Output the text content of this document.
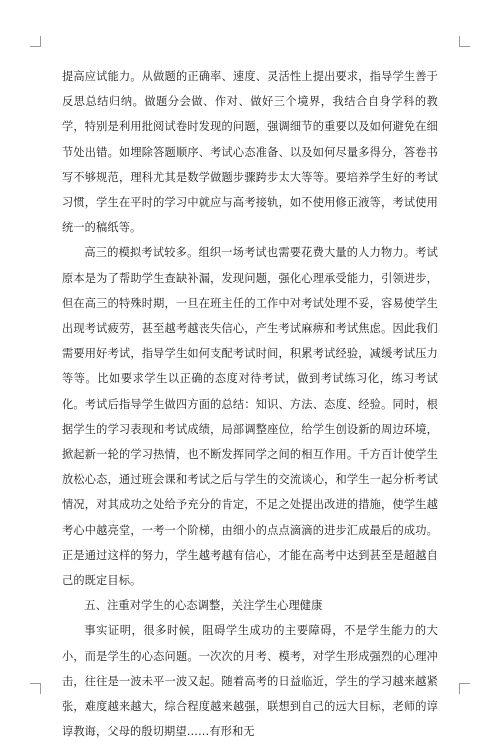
提高应试能力。从做题的正确率、速度、灵活性上提出要求，指导学生善于反思总结归纳。做题分会做、作对、做好三个境界，我结合自身学科的教学，特别是利用批阅试卷时发现的问题，强调细节的重要以及如何避免在细节处出错。如埋除答题顺序、考试心态准备、以及如何尽量多得分，答卷书写不够规范，理科尤其是数学做题步骤跨步太大等等。要培养学生好的考试习惯，学生在平时的学习中就应与高考接轨，如不使用修正液等，考试使用统一的稿纸等。

高三的模拟考试较多。组织一场考试也需要花费大量的人力物力。考试原本是为了帮助学生查缺补漏，发现问题，强化心理承受能力，引领进步，但在高三的特殊时期，一旦在班主任的工作中对考试处理不妥，容易使学生出现考试疲劳，甚至越考越丧失信心，产生考试麻痹和考试焦虑。因此我们需要用好考试，指导学生如何支配考试时间，积累考试经验，减缓考试压力等等。比如要求学生以正确的态度对待考试，做到考试练习化，练习考试化。考试后指导学生做四方面的总结：知识、方法、态度、经验。同时，根据学生的学习表现和考试成绩，局部调整座位，给学生创设新的周边环境，掀起新一轮的学习热情，也不断发挥同学之间的相互作用。千方百计使学生放松心态，通过班会课和考试之后与学生的交流谈心，和学生一起分析考试情况，对其成功之处给予充分的肯定，不足之处提出改进的措施，使学生越考心中越亮堂，一考一个阶梯，由细小的点点滴滴的进步汇成最后的成功。正是通过这样的努力，学生越考越有信心，才能在高考中达到甚至是超越自己的既定目标。

五、注重对学生的心态调整，关注学生心理健康

事实证明，很多时候，阻碍学生成功的主要障碍，不是学生能力的大小，而是学生的心态问题。一次次的月考、模考，对学生形成强烈的心理冲击，往往是一波未平一波又起。随着高考的日益临近，学生的学习越来越紧张，难度越来越大，综合程度越来越强，联想到自己的远大目标，老师的谆谆教诲，父母的殷切期望……有形和无
